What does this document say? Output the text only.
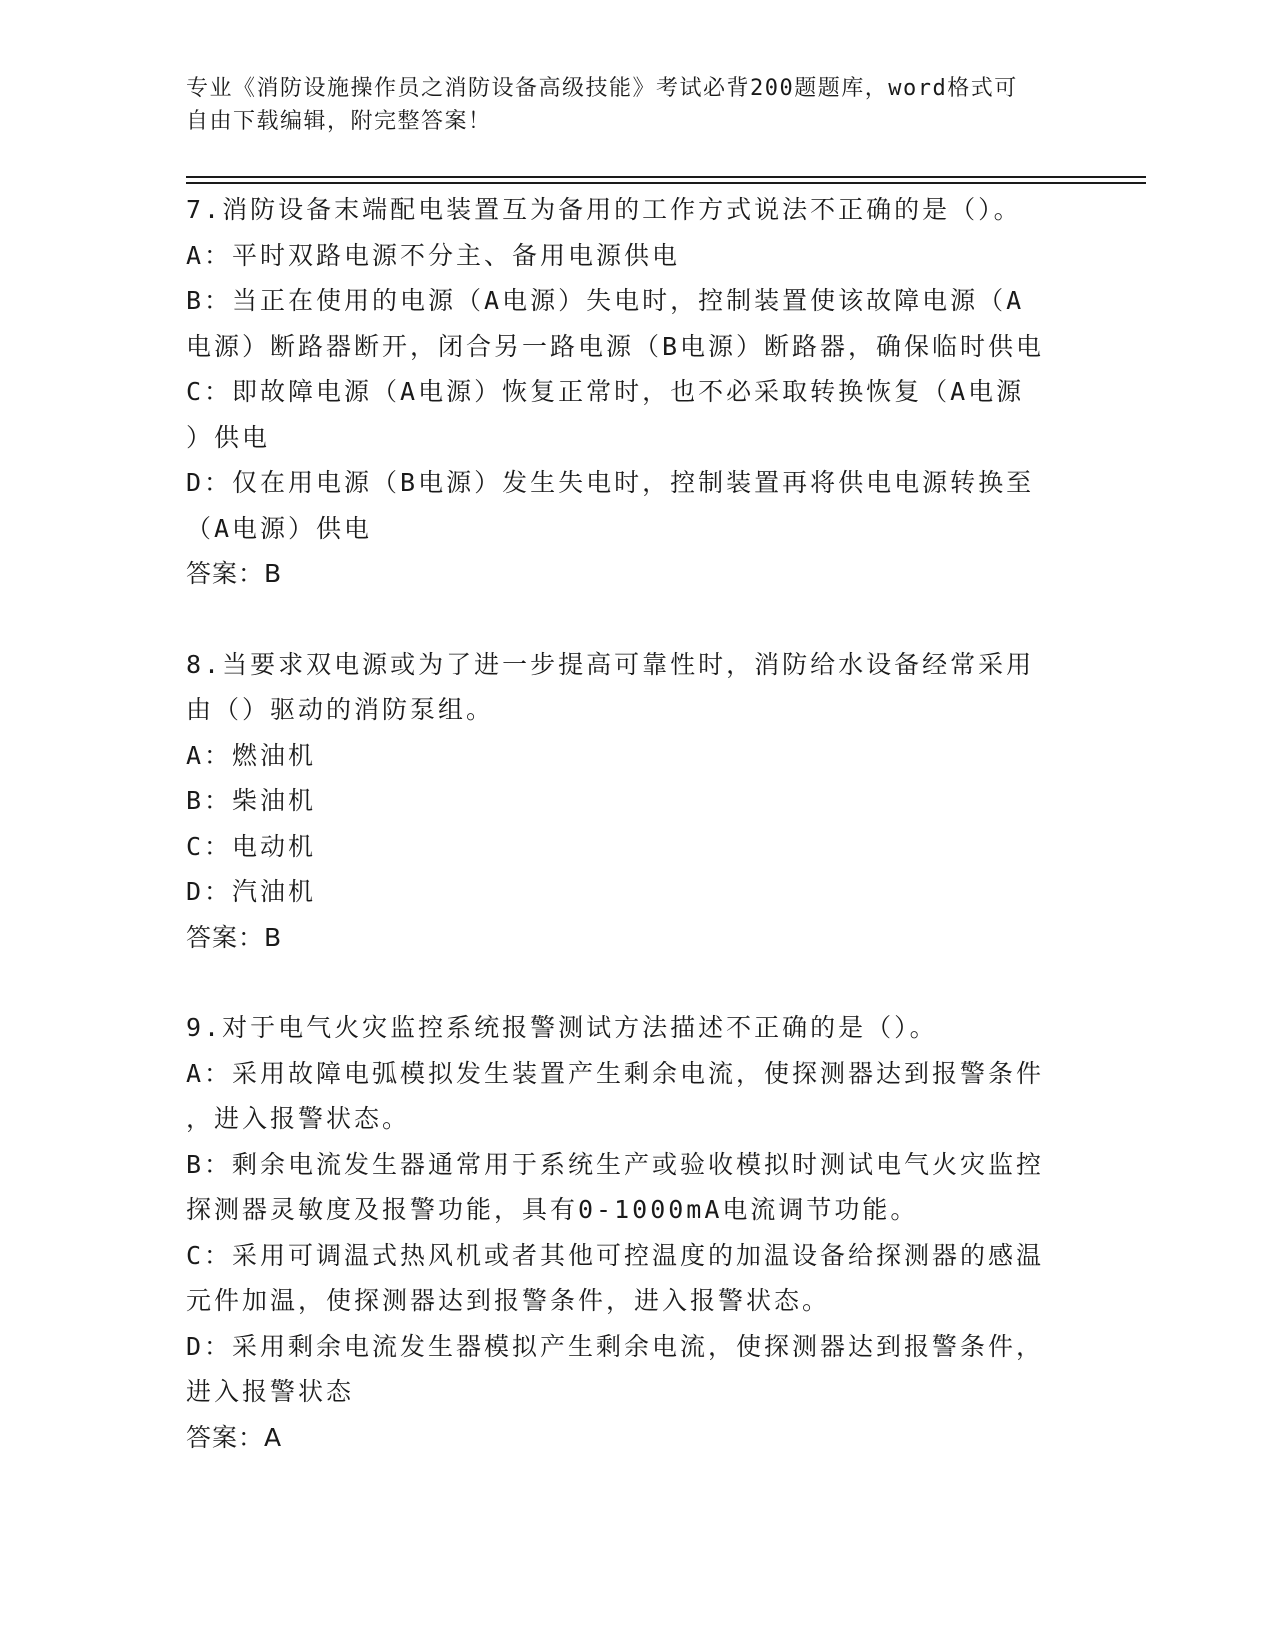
专业《消防设施操作员之消防设备高级技能》考试必背200题题库，word格式可
自由下载编辑，附完整答案！
7.消防设备末端配电装置互为备用的工作方式说法不正确的是（）。
A：平时双路电源不分主、备用电源供电
B：当正在使用的电源（A电源）失电时，控制装置使该故障电源（A
电源）断路器断开，闭合另一路电源（B电源）断路器，确保临时供电
C：即故障电源（A电源）恢复正常时，也不必采取转换恢复（A电源
）供电
D：仅在用电源（B电源）发生失电时，控制装置再将供电电源转换至
（A电源）供电
答案：B
8.当要求双电源或为了进一步提高可靠性时，消防给水设备经常采用
由（）驱动的消防泵组。
A：燃油机
B：柴油机
C：电动机
D：汽油机
答案：B
9.对于电气火灾监控系统报警测试方法描述不正确的是（）。
A：采用故障电弧模拟发生装置产生剩余电流，使探测器达到报警条件
，进入报警状态。
B：剩余电流发生器通常用于系统生产或验收模拟时测试电气火灾监控
探测器灵敏度及报警功能，具有0-1000mA电流调节功能。
C：采用可调温式热风机或者其他可控温度的加温设备给探测器的感温
元件加温，使探测器达到报警条件，进入报警状态。
D：采用剩余电流发生器模拟产生剩余电流，使探测器达到报警条件，
进入报警状态
答案：A
